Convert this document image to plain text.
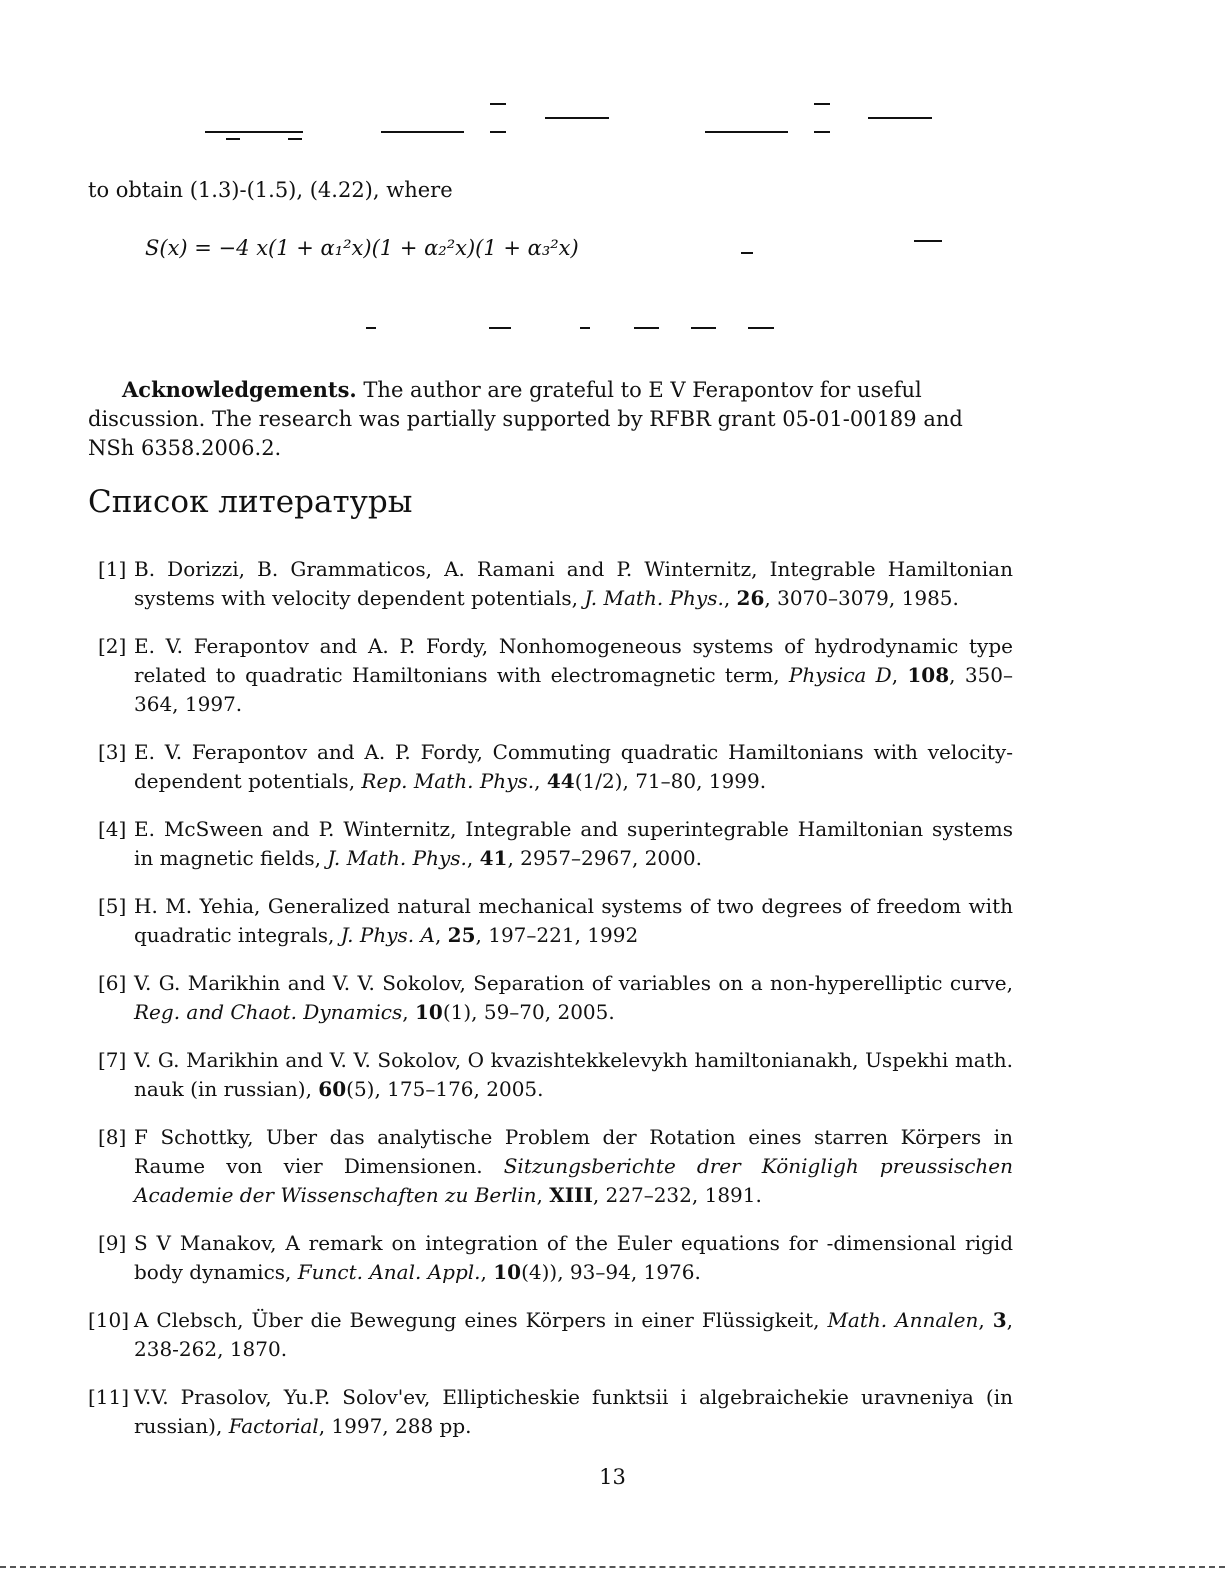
to obtain (1.3)-(1.5), (4.22), where
S(x) = −4 x(1 + α₁²x)(1 + α₂²x)(1 + α₃²x)
Acknowledgements. The author are grateful to E V Ferapontov for useful discussion. The research was partially supported by RFBR grant 05-01-00189 and NSh 6358.2006.2.
Список литературы
[1] B. Dorizzi, B. Grammaticos, A. Ramani and P. Winternitz, Integrable Hamiltonian systems with velocity dependent potentials, J. Math. Phys., 26, 3070–3079, 1985.
[2] E. V. Ferapontov and A. P. Fordy, Nonhomogeneous systems of hydrodynamic type related to quadratic Hamiltonians with electromagnetic term, Physica D, 108, 350–364, 1997.
[3] E. V. Ferapontov and A. P. Fordy, Commuting quadratic Hamiltonians with velocity-dependent potentials, Rep. Math. Phys., 44(1/2), 71–80, 1999.
[4] E. McSween and P. Winternitz, Integrable and superintegrable Hamiltonian systems in magnetic fields, J. Math. Phys., 41, 2957–2967, 2000.
[5] H. M. Yehia, Generalized natural mechanical systems of two degrees of freedom with quadratic integrals, J. Phys. A, 25, 197–221, 1992
[6] V. G. Marikhin and V. V. Sokolov, Separation of variables on a non-hyperelliptic curve, Reg. and Chaot. Dynamics, 10(1), 59–70, 2005.
[7] V. G. Marikhin and V. V. Sokolov, O kvazishtekkelevykh hamiltonianakh, Uspekhi math. nauk (in russian), 60(5), 175–176, 2005.
[8] F Schottky, Uber das analytische Problem der Rotation eines starren Körpers in Raume von vier Dimensionen. Sitzungsberichte drer Königligh preussischen Academie der Wissenschaften zu Berlin, XIII, 227–232, 1891.
[9] S V Manakov, A remark on integration of the Euler equations for -dimensional rigid body dynamics, Funct. Anal. Appl., 10(4)), 93–94, 1976.
[10] A Clebsch, Über die Bewegung eines Körpers in einer Flüssigkeit, Math. Annalen, 3, 238-262, 1870.
[11] V.V. Prasolov, Yu.P. Solov'ev, Ellipticheskie funktsii i algebraichekie uravneniya (in russian), Factorial, 1997, 288 pp.
13
